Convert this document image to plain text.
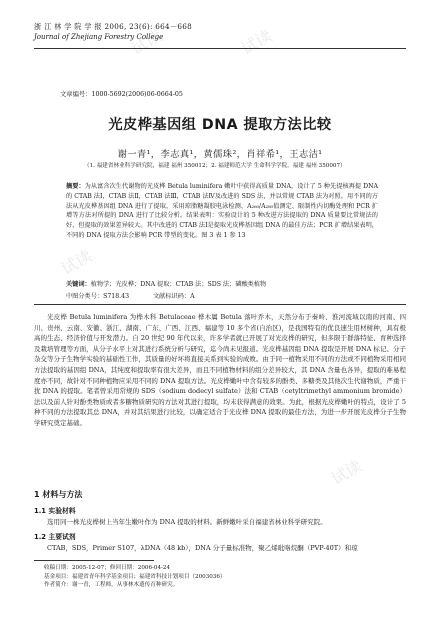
试读	试读
试读
试读
浙 江 林 学 院 学 报 2006, 23(6): 664－668
Journal of Zhejiang Forestry College
文章编号：1000-5692(2006)06-0664-05
光皮桦基因组 DNA 提取方法比较
谢一青¹，李志真¹，黄儒珠²，肖祥希¹，王志洁¹
（1. 福建省林业科学研究院，福建 福州 350012；2. 福建师范大学 生命科学学院，福建 福州 350007）
摘要：为从富含次生代谢物的光皮桦 Betula luminifera 嫩叶中获得高质量 DNA，设计了 5 种先提核再提 DNA 的 CTAB 法Ⅰ，CTAB 法Ⅱ，CTAB 法Ⅲ，CTAB 法Ⅳ及改进的 SDS 法，并以常规 CTAB 法为对照。用不同的方法从光皮桦基因组 DNA 进行了提取，采用琼脂糖凝胶电泳检测、A₂₆₀/A₂₈₀值测定、限制性内切酶处理和 PCR 扩增等方法对所提的 DNA 进行了比较分析。结果表明：实验设计的 5 种改进方法提取的 DNA 质量要比常规法的好，但提取的效果差异较大。其中改进的 CTAB 法Ⅰ是提取光皮桦基因组 DNA 的最佳方法；PCR 扩增结果表明，不同的 DNA 提取方法会影响 PCR 带型的变化。图 3 表 1 参 13
关键词：植物学；光皮桦；DNA 提取；CTAB 法；SDS 法；磷酸类植物
中图分类号：S718.43	文献标识码：A
光皮桦 Betula luminifera 为桦木科 Betulaceae 桦木属 Betula 落叶乔木，天然分布于秦岭、淮河流域以南的河南、四川、贵州、云南、安徽、浙江、湖南、广东、广西、江西、福建等 10 多个省(自治区)，是我国特有的优良速生用材树种，具有极高的生态、经济价值与开发潜力。自 20 世纪 90 年代以来，许多学者就已开展了对光皮桦的研究，但多限于群落特征、育种选择及栽培管理等方面，从分子水平上对其进行系统分析与研究，迄今尚未见报道。光皮桦基因组 DNA 提取是开展 DNA 标记、分子杂交等分子生物学实验的基础性工作，其质量的好坏将直接关系到实验的成败。由于同一植物采用不同的方法或不同植物采用相同方法提取的基因组 DNA，其纯度和提取率有很大差异，而且不同植物材料的组分差异较大，其 DNA 含量也各异，提取的难易程度亦不同，故针对不同种植物应采用不同的 DNA 提取方法。光皮桦嫩叶中含有较多的酚类、多糖类及其他次生代谢物质，严重干扰 DNA 的提取。笔者曾采用常规的 SDS（sodium dodecyl sulfate）法和 CTAB（cetyltrimethyl ammonium bromide）法以及前人针对酚类物质或者多糖物质研究的方法对其进行提取，均未获得满意的效果。为此，根据光皮桦嫩叶的特点，设计了 5 种不同的方法提取其总 DNA，并对其结果进行比较，以确定适合于光皮桦 DNA 提取的最佳方法，为进一步开展光皮桦分子生物学研究奠定基础。
1 材料与方法
1.1 实验材料
选用同一株光皮桦树上当年生嫩叶作为 DNA 提取的材料。新鲜嫩叶采自福建省林业科学研究院。
1.2 主要试剂
CTAB，SDS，Primer S107，λDNA（48 kb），DNA 分子量标准物，聚乙烯吡咯烷酮（PVP-40T）和琼
收稿日期：2005-12-07；修回日期：2006-04-24
基金项目：福建省青年科学基金项目；福建省科技计划项目（2003036）
作者简介：谢一青，工程师，从事林木遗传育种研究。
